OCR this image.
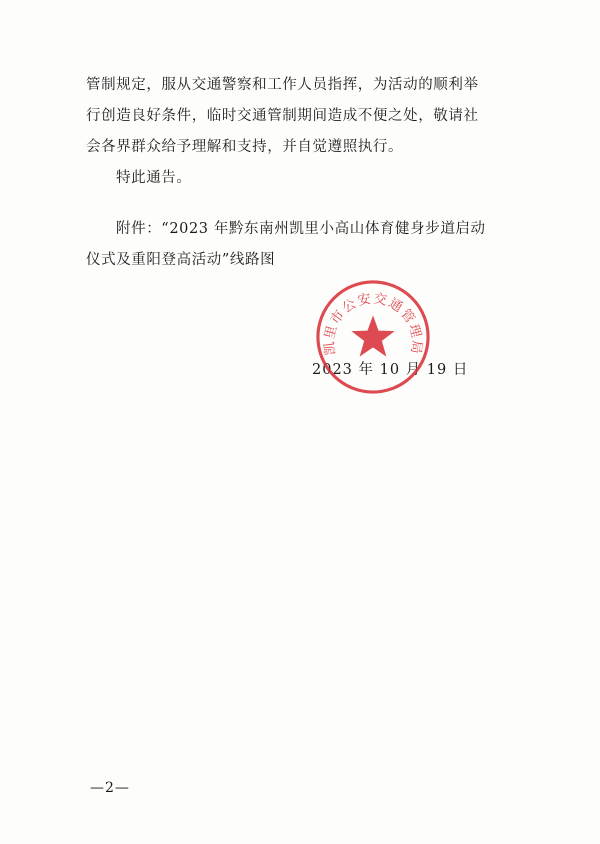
管制规定，服从交通警察和工作人员指挥，为活动的顺利举
行创造良好条件，临时交通管制期间造成不便之处，敬请社
会各界群众给予理解和支持，并自觉遵照执行。
特此通告。
附件：“2023 年黔东南州凯里小高山体育健身步道启动
仪式及重阳登高活动”线路图
2023 年 10 月 19 日
凯里市公安交通管理局
—2—
